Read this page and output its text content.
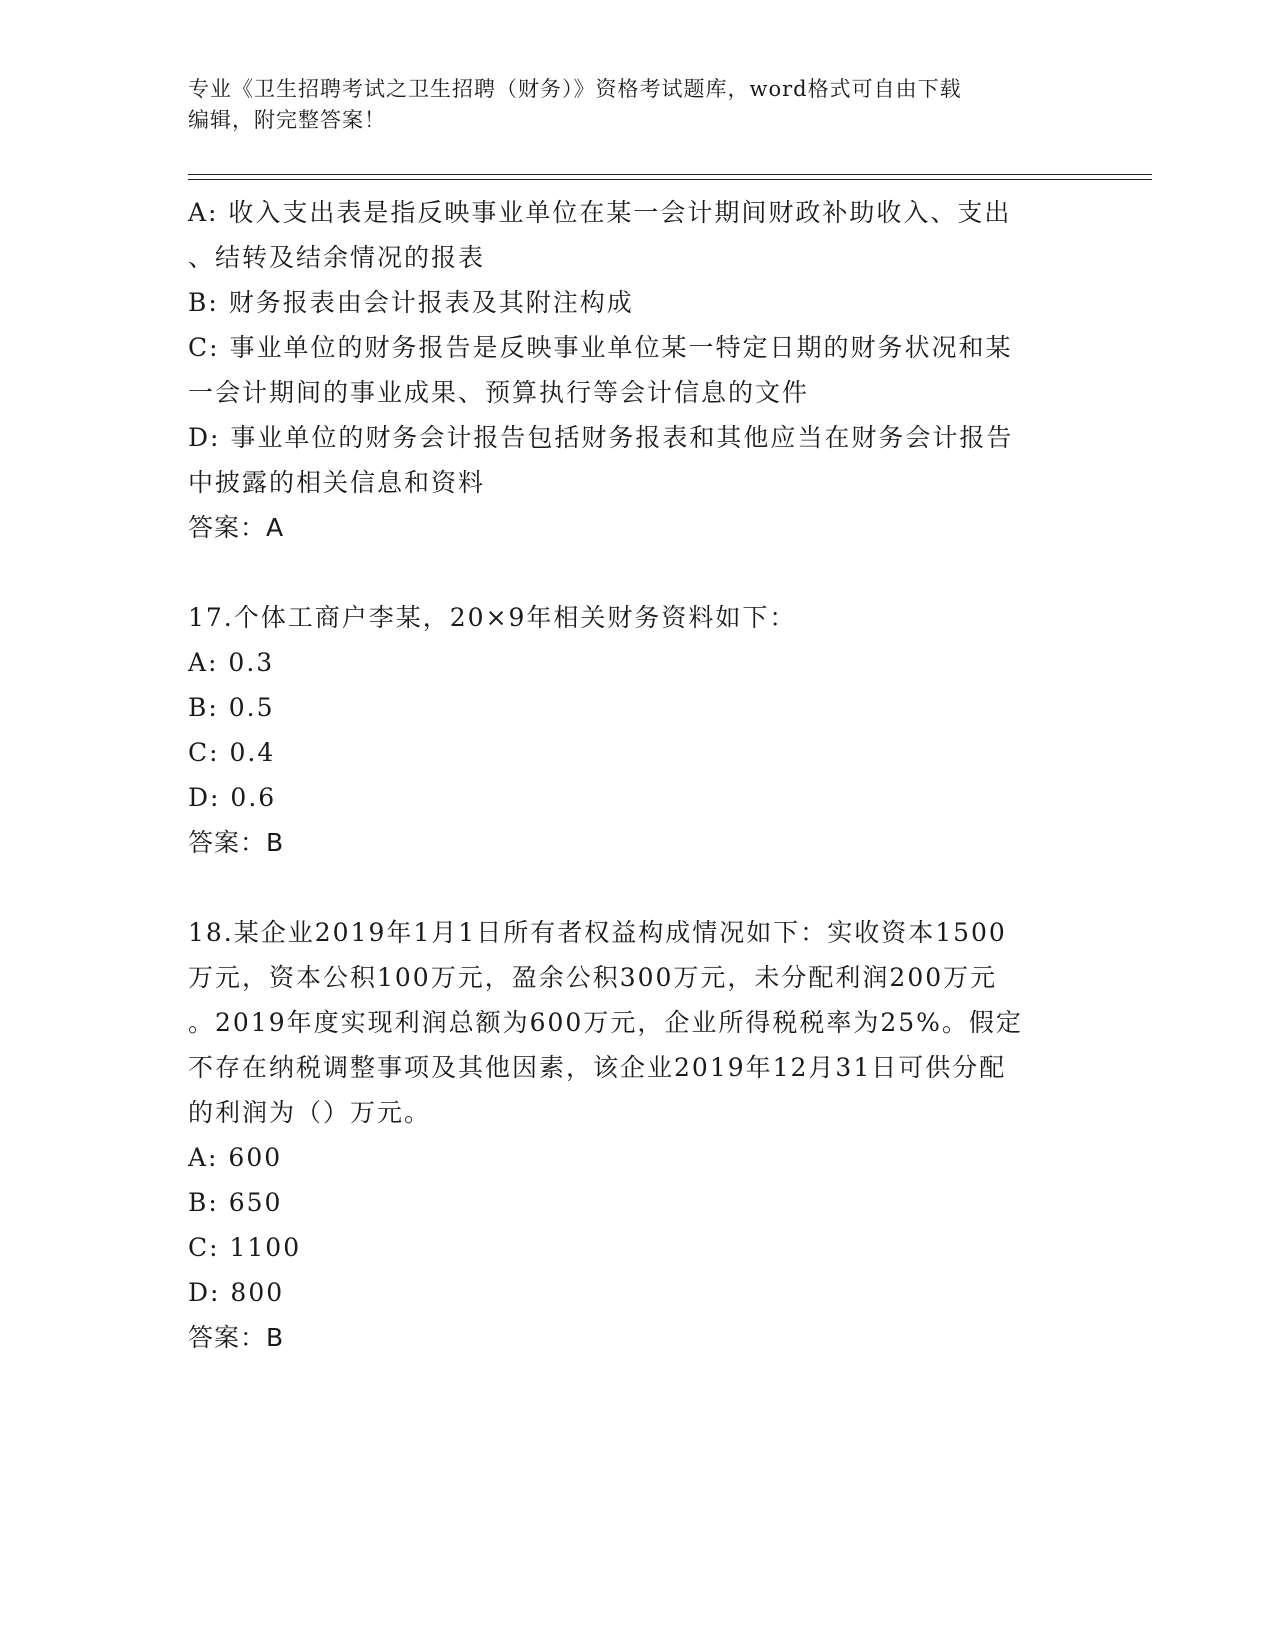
专业《卫生招聘考试之卫生招聘（财务）》资格考试题库，word格式可自由下载
编辑，附完整答案！
A: 收入支出表是指反映事业单位在某一会计期间财政补助收入、支出
、结转及结余情况的报表
B: 财务报表由会计报表及其附注构成
C: 事业单位的财务报告是反映事业单位某一特定日期的财务状况和某
一会计期间的事业成果、预算执行等会计信息的文件
D: 事业单位的财务会计报告包括财务报表和其他应当在财务会计报告
中披露的相关信息和资料
答案：A
17.个体工商户李某，20×9年相关财务资料如下：
A: 0.3
B: 0.5
C: 0.4
D: 0.6
答案：B
18.某企业2019年1月1日所有者权益构成情况如下：实收资本1500
万元，资本公积100万元，盈余公积300万元，未分配利润200万元
。2019年度实现利润总额为600万元，企业所得税税率为25%。假定
不存在纳税调整事项及其他因素，该企业2019年12月31日可供分配
的利润为（）万元。
A: 600
B: 650
C: 1100
D: 800
答案：B
